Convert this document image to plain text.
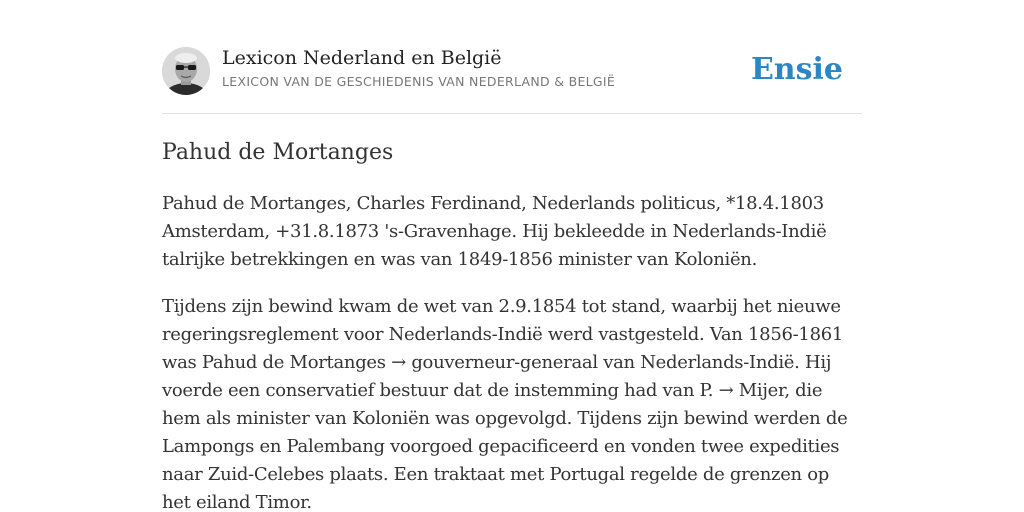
Lexicon Nederland en België
LEXICON VAN DE GESCHIEDENIS VAN NEDERLAND & BELGIË	Ensie
Pahud de Mortanges

Pahud de Mortanges, Charles Ferdinand, Nederlands politicus, *18.4.1803 Amsterdam, +31.8.1873 's-Gravenhage. Hij bekleedde in Nederlands-Indië talrijke betrekkingen en was van 1849-1856 minister van Koloniën.

Tijdens zijn bewind kwam de wet van 2.9.1854 tot stand, waarbij het nieuwe regeringsreglement voor Nederlands-Indië werd vastgesteld. Van 1856-1861 was Pahud de Mortanges → gouverneur-generaal van Nederlands-Indië. Hij voerde een conservatief bestuur dat de instemming had van P. → Mijer, die hem als minister van Koloniën was opgevolgd. Tijdens zijn bewind werden de Lampongs en Palembang voorgoed gepacificeerd en vonden twee expedities naar Zuid-Celebes plaats. Een traktaat met Portugal regelde de grenzen op het eiland Timor.
